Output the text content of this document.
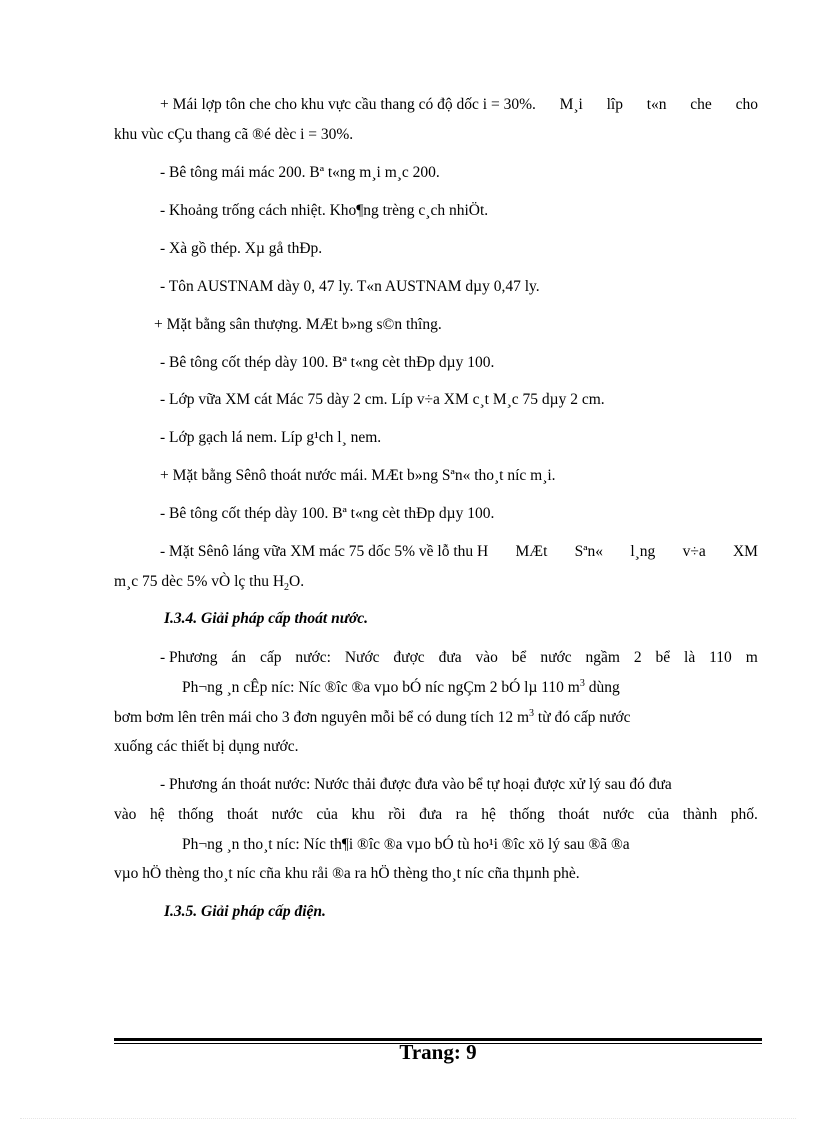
+ Mái lợp tôn che cho khu vực cầu thang có độ dốc i = 30%. M¸i lîp t«n che cho
khu vùc cÇu thang cã ®é dèc i = 30%.
- Bê tông mái mác 200. Bª t«ng m¸i m¸c 200.
- Khoảng trống cách nhiệt. Kho¶ng trèng c¸ch nhiÖt.
- Xà gồ thép. Xµ gå thÐp.
- Tôn AUSTNAM dày 0, 47 ly. T«n AUSTNAM dµy 0,47 ly.
+ Mặt bằng sân thượng. MÆt b»ng s©n thîng.
- Bê tông cốt thép dày 100. Bª t«ng cèt thÐp dµy 100.
- Lớp vữa XM cát Mác 75 dày 2 cm. Líp v÷a XM c¸t M¸c 75 dµy 2 cm.
- Lớp gạch lá nem. Líp g¹ch l¸ nem.
+ Mặt bằng Sênô thoát nước mái. MÆt b»ng Sªn« tho¸t níc m¸i.
- Bê tông cốt thép dày 100. Bª t«ng cèt thÐp dµy 100.
- Mặt Sênô láng vữa XM mác 75 dốc 5% về lỗ thu H MÆt Sªn« l¸ng v÷a XM
m¸c 75 dèc 5% vÒ lç thu $H_2O$.
I.3.4. Giải pháp cấp thoát nước.
- Phương án cấp nước: Nước được đưa vào bể nước ngầm 2 bể là 110 m
Ph¬ng ¸n cÊp níc: Níc ®îc ®a vµo bÓ níc ngÇm 2 bÓ lµ 110 $m^3$ dùng
bơm bơm lên trên mái cho 3 đơn nguyên mỗi bể có dung tích 12 $m^3$ từ đó cấp nước
xuống các thiết bị dụng nước.
- Phương án thoát nước: Nước thải được đưa vào bể tự hoại được xử lý sau đó đưa
vào hệ thống thoát nước của khu rồi đưa ra hệ thống thoát nước của thành phố.
Ph¬ng ¸n tho¸t níc: Níc th¶i ®îc ®a vµo bÓ tù ho¹i ®îc xö lý sau ®ã ®a
vµo hÖ thèng tho¸t níc cña khu råi ®a ra hÖ thèng tho¸t níc cña thµnh phè.
I.3.5. Giải pháp cấp điện.
Trang: 9
